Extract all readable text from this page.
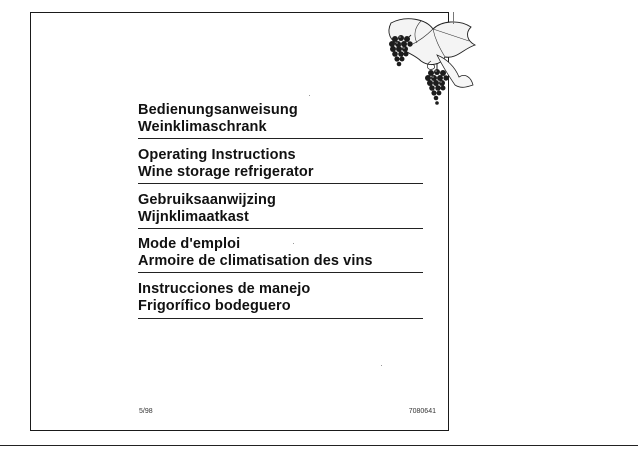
Bedienungsanweisung
Weinklimaschrank
Operating Instructions
Wine storage refrigerator
Gebruiksaanwijzing
Wijnklimaatkast
Mode d'emploi
Armoire de climatisation des vins
Instrucciones de manejo
Frigorífico bodeguero
5/98	7080641
